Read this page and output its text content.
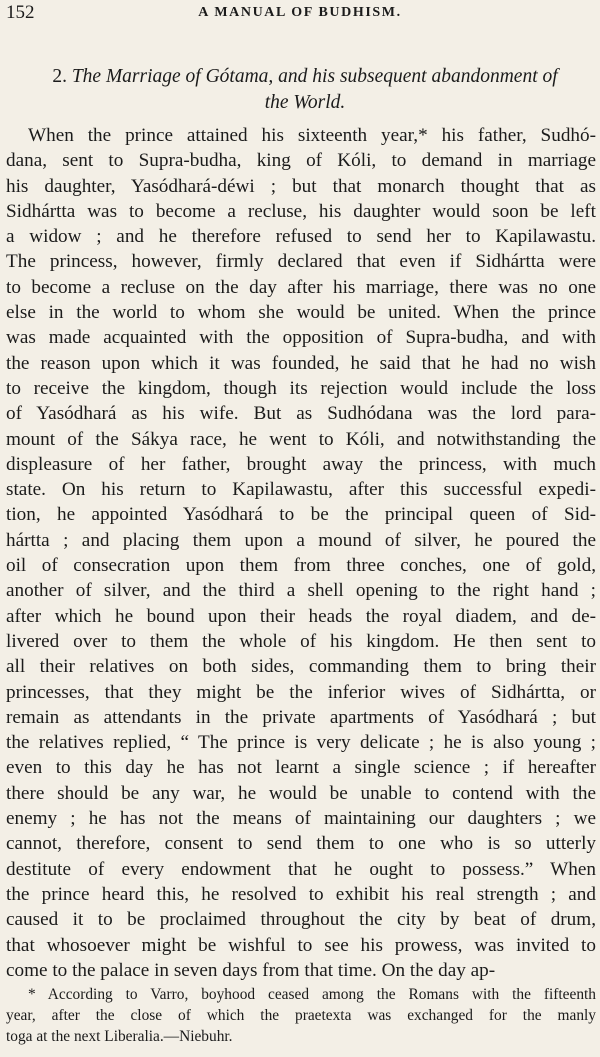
152	A MANUAL OF BUDHISM.
2. The Marriage of Gótama, and his subsequent abandonment of
the World.
When the prince attained his sixteenth year,* his father, Sudhó-
dana, sent to Supra-budha, king of Kóli, to demand in marriage
his daughter, Yasódhará-déwi ; but that monarch thought that as
Sidhártta was to become a recluse, his daughter would soon be left
a widow ; and he therefore refused to send her to Kapilawastu.
The princess, however, firmly declared that even if Sidhártta were
to become a recluse on the day after his marriage, there was no one
else in the world to whom she would be united. When the prince
was made acquainted with the opposition of Supra-budha, and with
the reason upon which it was founded, he said that he had no wish
to receive the kingdom, though its rejection would include the loss
of Yasódhará as his wife. But as Sudhódana was the lord para-
mount of the Sákya race, he went to Kóli, and notwithstanding the
displeasure of her father, brought away the princess, with much
state. On his return to Kapilawastu, after this successful expedi-
tion, he appointed Yasódhará to be the principal queen of Sid-
hártta ; and placing them upon a mound of silver, he poured the
oil of consecration upon them from three conches, one of gold,
another of silver, and the third a shell opening to the right hand ;
after which he bound upon their heads the royal diadem, and de-
livered over to them the whole of his kingdom. He then sent to
all their relatives on both sides, commanding them to bring their
princesses, that they might be the inferior wives of Sidhártta, or
remain as attendants in the private apartments of Yasódhará ; but
the relatives replied, “ The prince is very delicate ; he is also young ;
even to this day he has not learnt a single science ; if hereafter
there should be any war, he would be unable to contend with the
enemy ; he has not the means of maintaining our daughters ; we
cannot, therefore, consent to send them to one who is so utterly
destitute of every endowment that he ought to possess.” When
the prince heard this, he resolved to exhibit his real strength ; and
caused it to be proclaimed throughout the city by beat of drum,
that whosoever might be wishful to see his prowess, was invited to
come to the palace in seven days from that time. On the day ap-
* According to Varro, boyhood ceased among the Romans with the fifteenth
year, after the close of which the praetexta was exchanged for the manly
toga at the next Liberalia.—Niebuhr.
